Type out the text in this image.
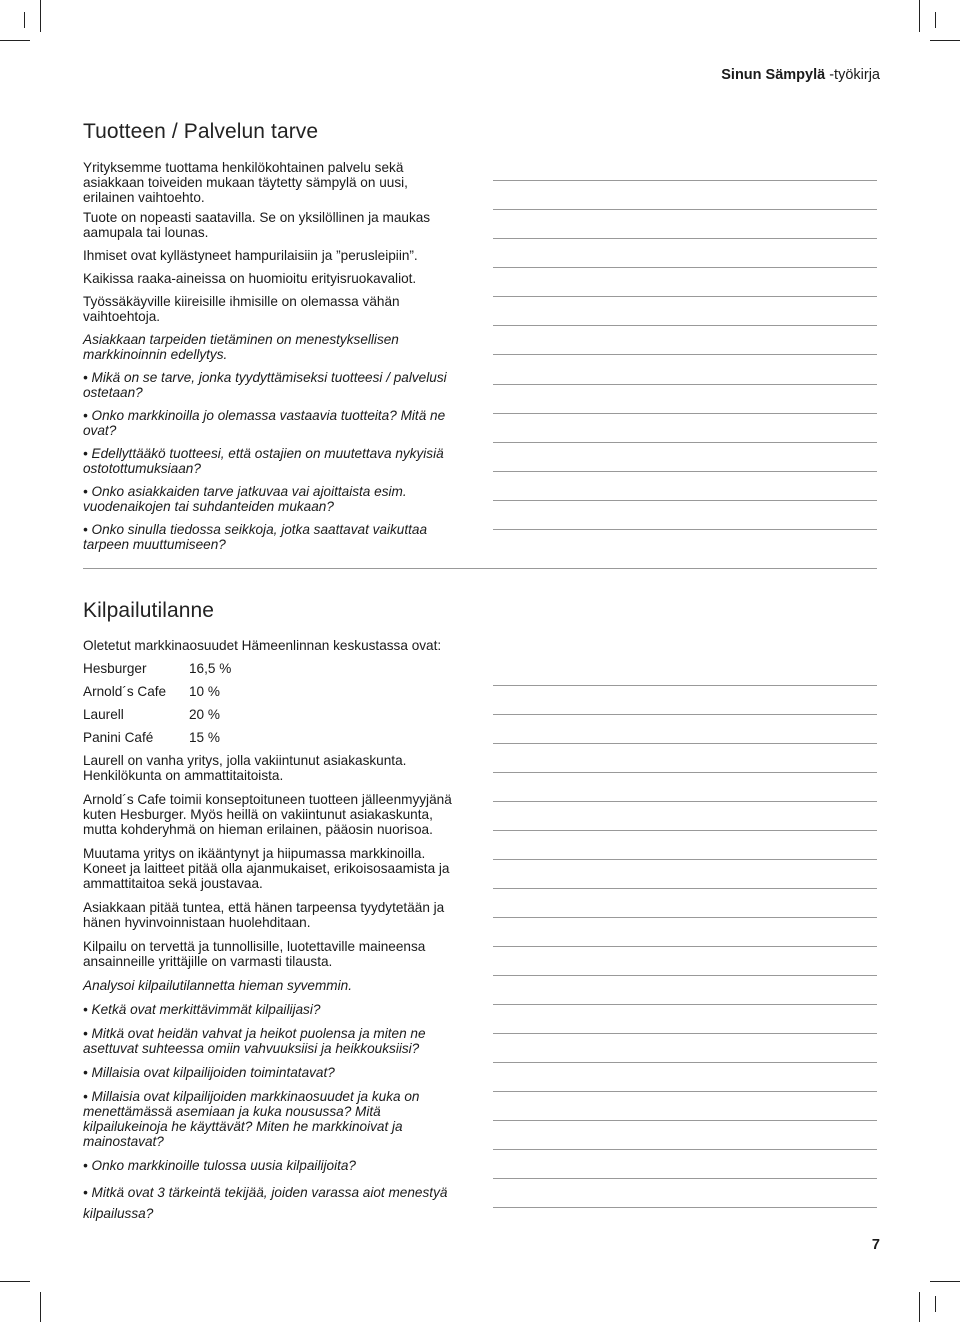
Sinun Sämpylä -työkirja
Tuotteen / Palvelun tarve

Yrityksemme tuottama henkilökohtainen palvelu sekä asiakkaan toiveiden mukaan täytetty sämpylä on uusi, erilainen vaihtoehto.

Tuote on nopeasti saatavilla. Se on yksilöllinen ja maukas aamupala tai lounas.

Ihmiset ovat kyllästyneet hampurilaisiin ja ”perusleipiin”.

Kaikissa raaka-aineissa on huomioitu erityisruokavaliot.

Työssäkäyville kiireisille ihmisille on olemassa vähän vaihtoehtoja.

Asiakkaan tarpeiden tietäminen on menestyksellisen markkinoinnin edellytys.

• Mikä on se tarve, jonka tyydyttämiseksi tuotteesi / palvelusi ostetaan?

• Onko markkinoilla jo olemassa vastaavia tuotteita? Mitä ne ovat?

• Edellyttääkö tuotteesi, että ostajien on muutettava nykyisiä ostotottumuksiaan?

• Onko asiakkaiden tarve jatkuvaa vai ajoittaista esim. vuodenaikojen tai suhdanteiden mukaan?

• Onko sinulla tiedossa seikkoja, jotka saattavat vaikuttaa tarpeen muuttumiseen?

Kilpailutilanne

Oletetut markkinaosuudet Hämeenlinnan keskustassa ovat:

Hesburger	16,5 %
Arnold´s Cafe	10 %
Laurell	20 %
Panini Café	15 %

Laurell on vanha yritys, jolla vakiintunut asiakaskunta. Henkilökunta on ammattitaitoista.

Arnold´s Cafe toimii konseptoituneen tuotteen jälleenmyyjänä kuten Hesburger. Myös heillä on vakiintunut asiakaskunta, mutta kohderyhmä on hieman erilainen, pääosin nuorisoa.

Muutama yritys on ikääntynyt ja hiipumassa markkinoilla. Koneet ja laitteet pitää olla ajanmukaiset, erikoisosaamista ja ammattitaitoa sekä joustavaa.

Asiakkaan pitää tuntea, että hänen tarpeensa tyydytetään ja hänen hyvinvoinnistaan huolehditaan.

Kilpailu on tervettä ja tunnollisille, luotettaville maineensa ansainneille yrittäjille on varmasti tilausta.

Analysoi kilpailutilannetta hieman syvemmin.

• Ketkä ovat merkittävimmät kilpailijasi?

• Mitkä ovat heidän vahvat ja heikot puolensa ja miten ne asettuvat suhteessa omiin vahvuuksiisi ja heikkouksiisi?

• Millaisia ovat kilpailijoiden toimintatavat?

• Millaisia ovat kilpailijoiden markkinaosuudet ja kuka on menettämässä asemiaan ja kuka nousussa? Mitä kilpailukeinoja he käyttävät? Miten he markkinoivat ja mainostavat?

• Onko markkinoille tulossa uusia kilpailijoita?

• Mitkä ovat 3 tärkeintä tekijää, joiden varassa aiot menestyä kilpailussa?

7
